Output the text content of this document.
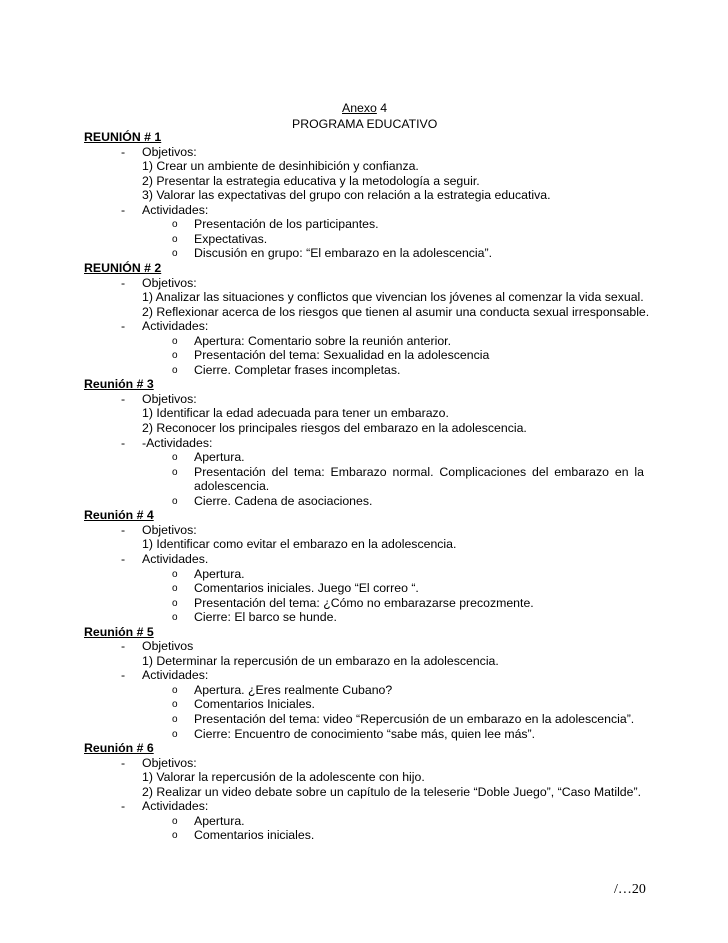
Anexo 4
PROGRAMA EDUCATIVO
REUNIÓN # 1
- Objetivos:
1) Crear un ambiente de desinhibición y confianza.
2) Presentar la estrategia educativa y la metodología a seguir.
3) Valorar las expectativas del grupo con relación a la estrategia educativa.
- Actividades:
o Presentación de los participantes.
o Expectativas.
o Discusión en grupo: “El embarazo en la adolescencia”.
REUNIÓN # 2
- Objetivos:
1) Analizar las situaciones y conflictos que vivencian los jóvenes al comenzar la vida sexual.
2) Reflexionar acerca de los riesgos que tienen al asumir una conducta sexual irresponsable.
- Actividades:
o Apertura: Comentario sobre la reunión anterior.
o Presentación del tema: Sexualidad en la adolescencia
o Cierre. Completar frases incompletas.
Reunión # 3
- Objetivos:
1) Identificar la edad adecuada para tener un embarazo.
2) Reconocer los principales riesgos del embarazo en la adolescencia.
- -Actividades:
o Apertura.
o Presentación del tema: Embarazo normal. Complicaciones del embarazo en la
adolescencia.
o Cierre. Cadena de asociaciones.
Reunión # 4
- Objetivos:
1) Identificar como evitar el embarazo en la adolescencia.
- Actividades.
o Apertura.
o Comentarios iniciales. Juego “El correo “.
o Presentación del tema: ¿Cómo no embarazarse precozmente.
o Cierre: El barco se hunde.
Reunión # 5
- Objetivos
1) Determinar la repercusión de un embarazo en la adolescencia.
- Actividades:
o Apertura. ¿Eres realmente Cubano?
o Comentarios Iniciales.
o Presentación del tema: video “Repercusión de un embarazo en la adolescencia”.
o Cierre: Encuentro de conocimiento “sabe más, quien lee más”.
Reunión # 6
- Objetivos:
1) Valorar la repercusión de la adolescente con hijo.
2) Realizar un video debate sobre un capítulo de la teleserie “Doble Juego”, “Caso Matilde”.
- Actividades:
o Apertura.
o Comentarios iniciales.
/…20
